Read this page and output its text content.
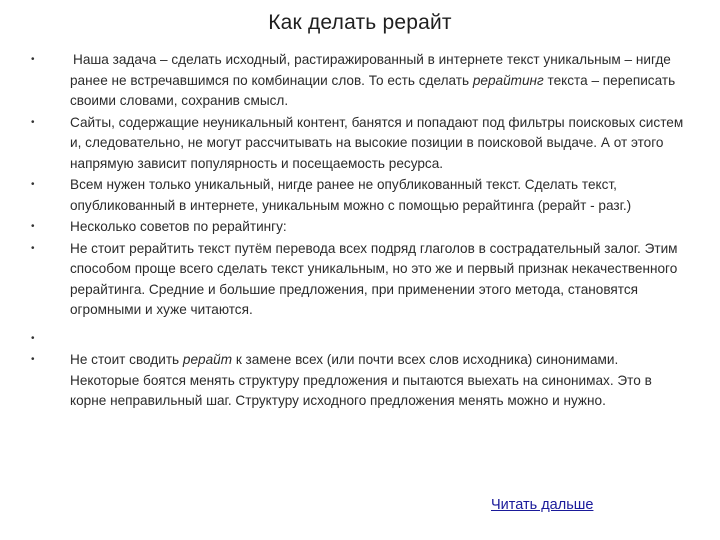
Как делать рерайт
•	Наша задача – сделать исходный, растиражированный в интернете текст уникальным – нигде ранее не встречавшимся по комбинации слов. То есть сделать рерайтинг текста – переписать своими словами, сохранив смысл.
•	Сайты, содержащие неуникальный контент, банятся и попадают под фильтры поисковых систем и, следовательно, не могут рассчитывать на высокие позиции в поисковой выдаче. А от этого напрямую зависит популярность и посещаемость ресурса.
•	Всем нужен только уникальный, нигде ранее не опубликованный текст. Сделать текст, опубликованный в интернете, уникальным можно с помощью рерайтинга (рерайт - разг.)
•	Несколько советов по рерайтингу:
•	Не стоит рерайтить текст путём перевода всех подряд глаголов в сострадательный залог. Этим способом проще всего сделать текст уникальным, но это же и первый признак некачественного рерайтинга. Средние и большие предложения, при применении этого метода, становятся огромными и хуже читаются.
•
•	Не стоит сводить рерайт к замене всех (или почти всех слов исходника) синонимами. Некоторые боятся менять структуру предложения и пытаются выехать на синонимах. Это в корне неправильный шаг. Структуру исходного предложения менять можно и нужно.
Читать дальше
